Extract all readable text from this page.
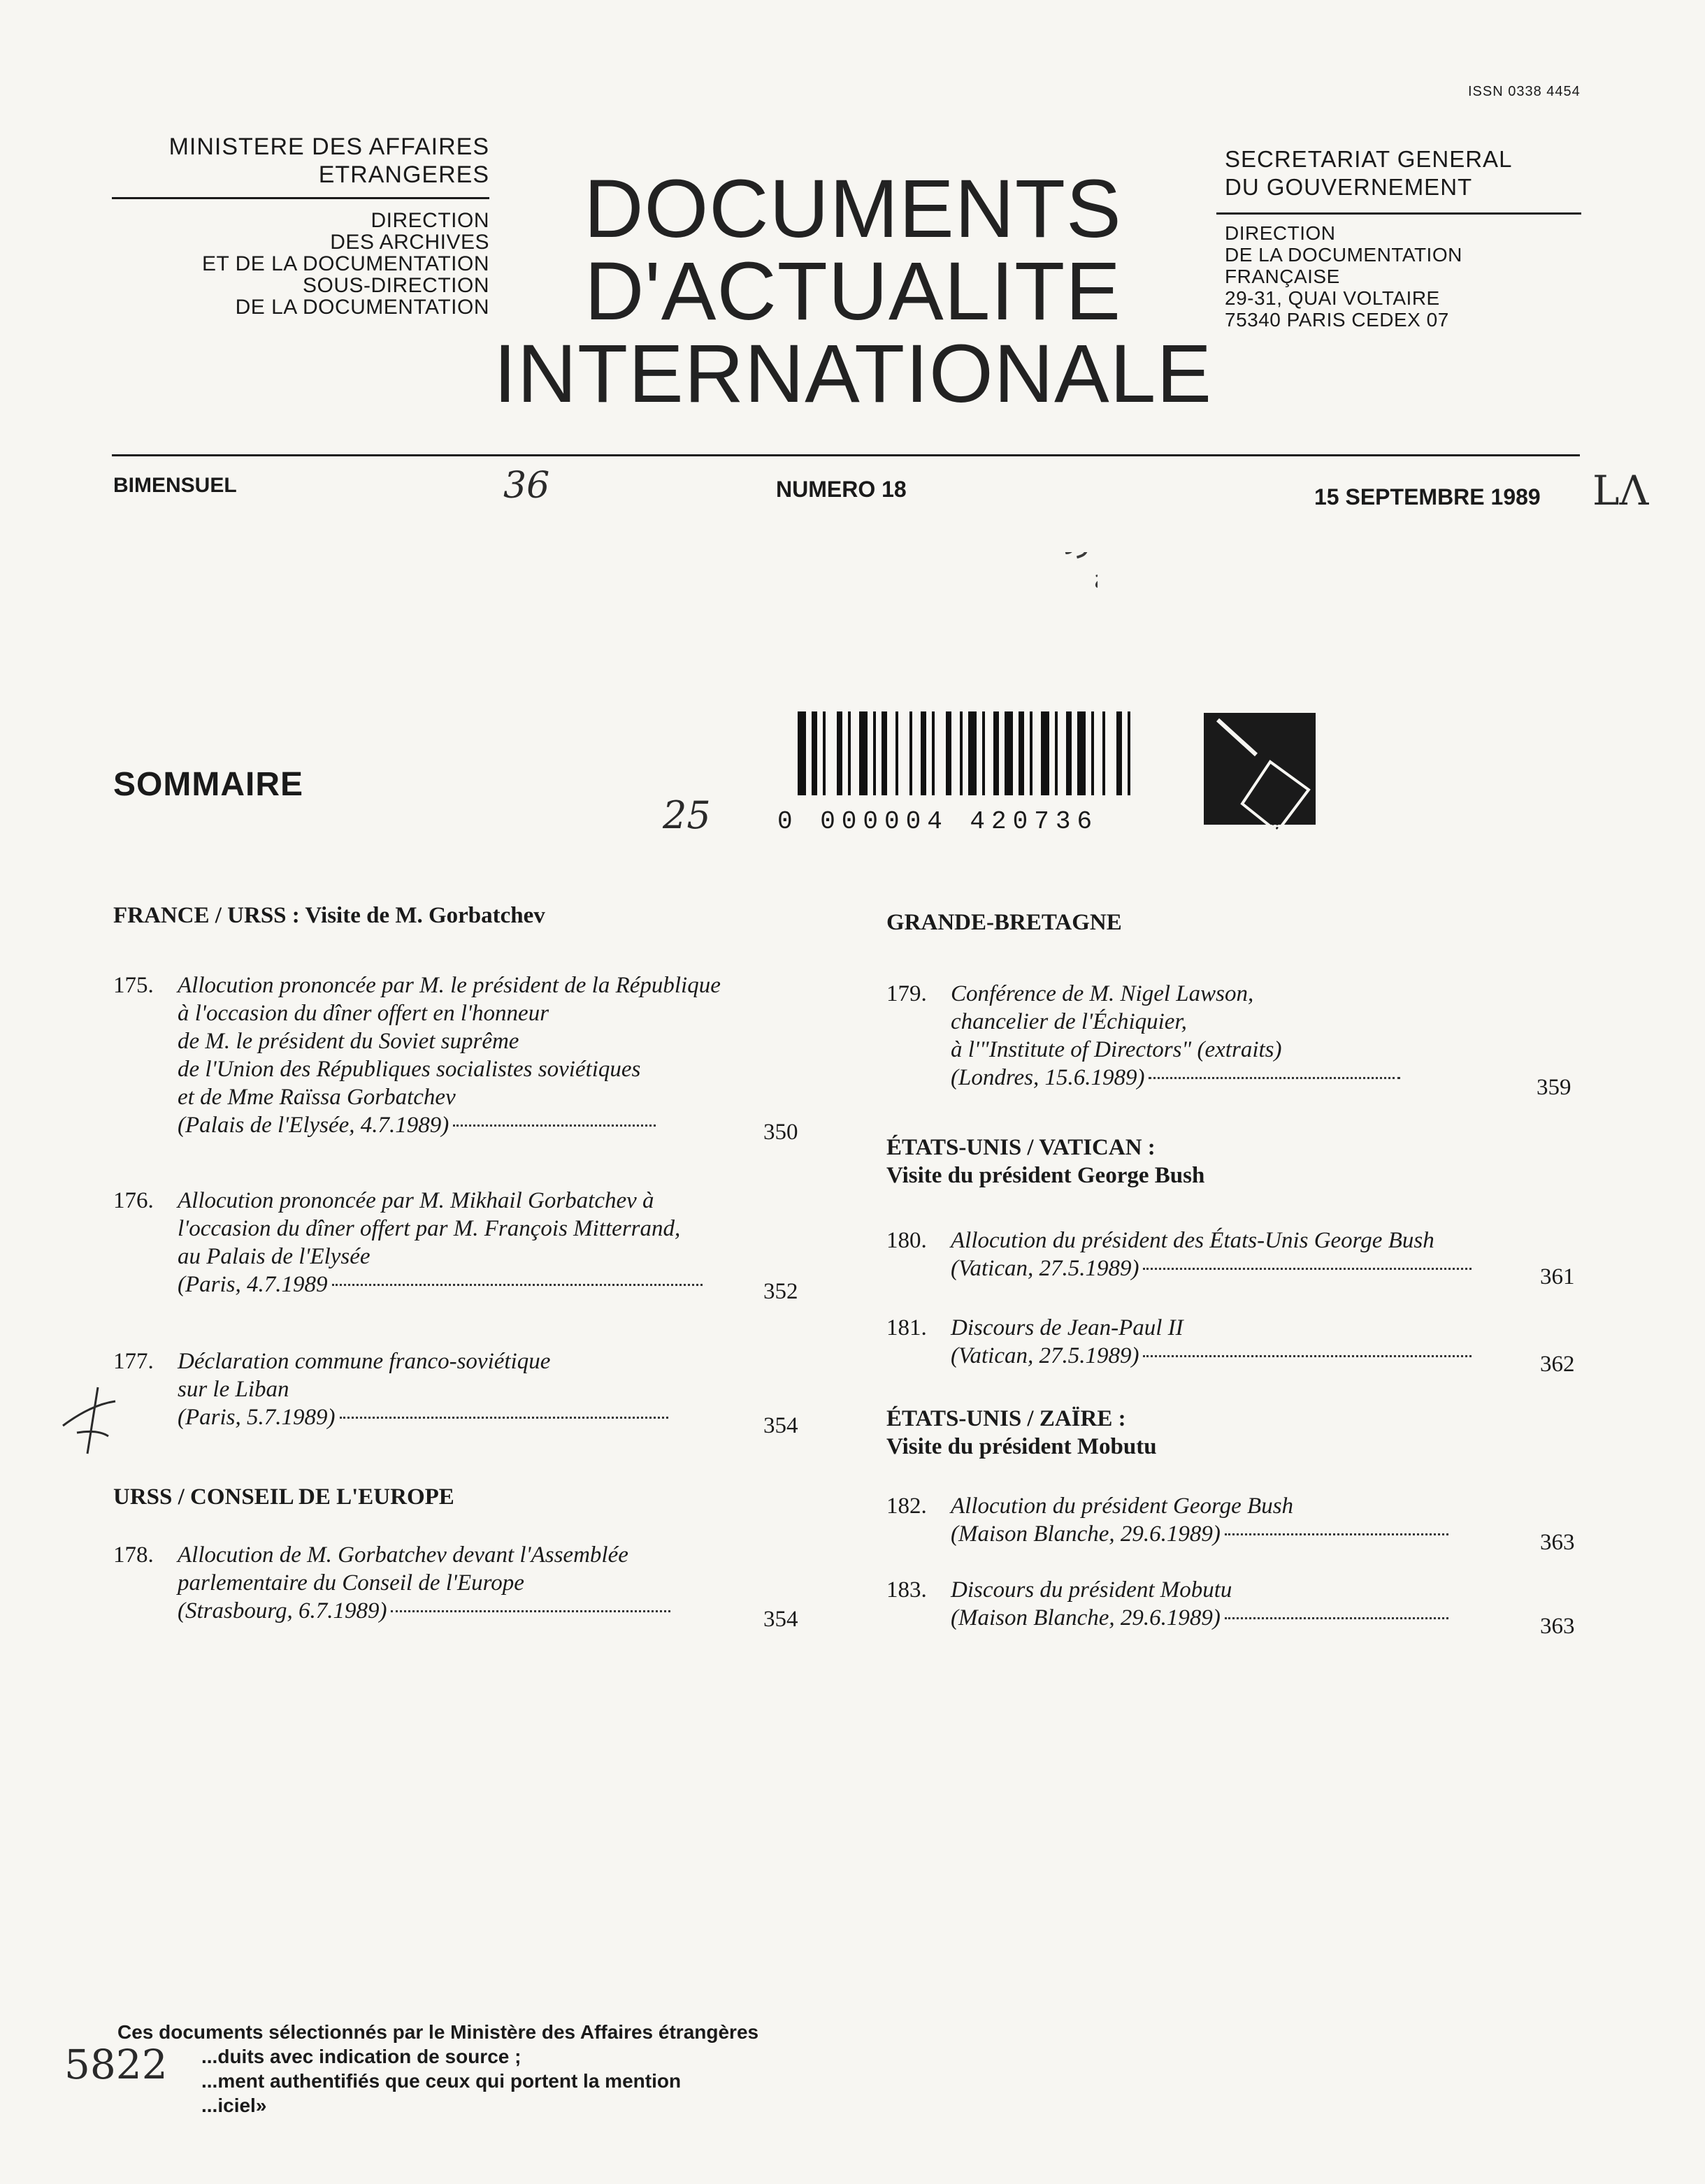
ISSN 0338 4454
MINISTERE DES AFFAIRES
ETRANGERES
DIRECTION
DES ARCHIVES
ET DE LA DOCUMENTATION
SOUS-DIRECTION
DE LA DOCUMENTATION
DOCUMENTS
D'ACTUALITE
INTERNATIONALE
SECRETARIAT GENERAL
DU GOUVERNEMENT
DIRECTION
DE LA DOCUMENTATION
FRANÇAISE
29-31, QUAI VOLTAIRE
75340 PARIS CEDEX 07
BIMENSUEL	36	NUMERO 18	15 SEPTEMBRE 1989 LΛ
الإسلامية
0 000004 420736
SOMMAIRE
25
FRANCE / URSS : Visite de M. Gorbatchev
175. Allocution prononcée par M. le président de la République
à l'occasion du dîner offert en l'honneur
de M. le président du Soviet suprême
de l'Union des Républiques socialistes soviétiques
et de Mme Raïssa Gorbatchev
(Palais de l'Elysée, 4.7.1989)	350
176. Allocution prononcée par M. Mikhail Gorbatchev à
l'occasion du dîner offert par M. François Mitterrand,
au Palais de l'Elysée
(Paris, 4.7.1989	352
177. Déclaration commune franco-soviétique
sur le Liban
(Paris, 5.7.1989)	354
URSS / CONSEIL DE L'EUROPE
178. Allocution de M. Gorbatchev devant l'Assemblée
parlementaire du Conseil de l'Europe
(Strasbourg, 6.7.1989)	354
GRANDE-BRETAGNE
179. Conférence de M. Nigel Lawson,
chancelier de l'Échiquier,
à l'"Institute of Directors" (extraits)
(Londres, 15.6.1989)	359
ÉTATS-UNIS / VATICAN :
Visite du président George Bush
180. Allocution du président des États-Unis George Bush
(Vatican, 27.5.1989)	361
181. Discours de Jean-Paul II
(Vatican, 27.5.1989)	362
ÉTATS-UNIS / ZAÏRE :
Visite du président Mobutu
182. Allocution du président George Bush
(Maison Blanche, 29.6.1989)	363
183. Discours du président Mobutu
(Maison Blanche, 29.6.1989)	363
Ces documents sélectionnés par le Ministère des Affaires étrangères
...duits avec indication de source ;
...ment authentifiés que ceux qui portent la mention
...iciel»
5822
